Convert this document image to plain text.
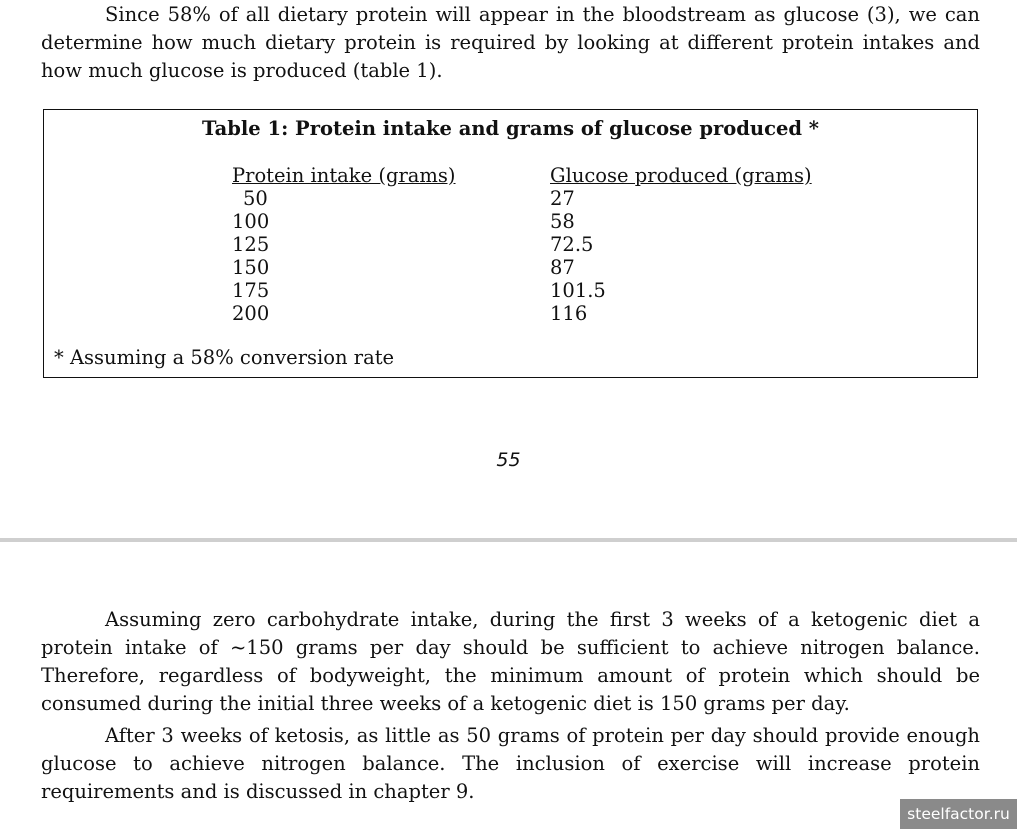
Since 58% of all dietary protein will appear in the bloodstream as glucose (3), we can determine how much dietary protein is required by looking at different protein intakes and how much glucose is produced (table 1).

Table 1: Protein intake and grams of glucose produced *
Protein intake (grams)
50
100
125
150
175
200
Glucose produced (grams)
27
58
72.5
87
101.5
116
* Assuming a 58% conversion rate
55

Assuming zero carbohydrate intake, during the first 3 weeks of a ketogenic diet a protein intake of ~150 grams per day should be sufficient to achieve nitrogen balance. Therefore, regardless of bodyweight, the minimum amount of protein which should be consumed during the initial three weeks of a ketogenic diet is 150 grams per day.

After 3 weeks of ketosis, as little as 50 grams of protein per day should provide enough glucose to achieve nitrogen balance. The inclusion of exercise will increase protein requirements and is discussed in chapter 9.

steelfactor.ru
